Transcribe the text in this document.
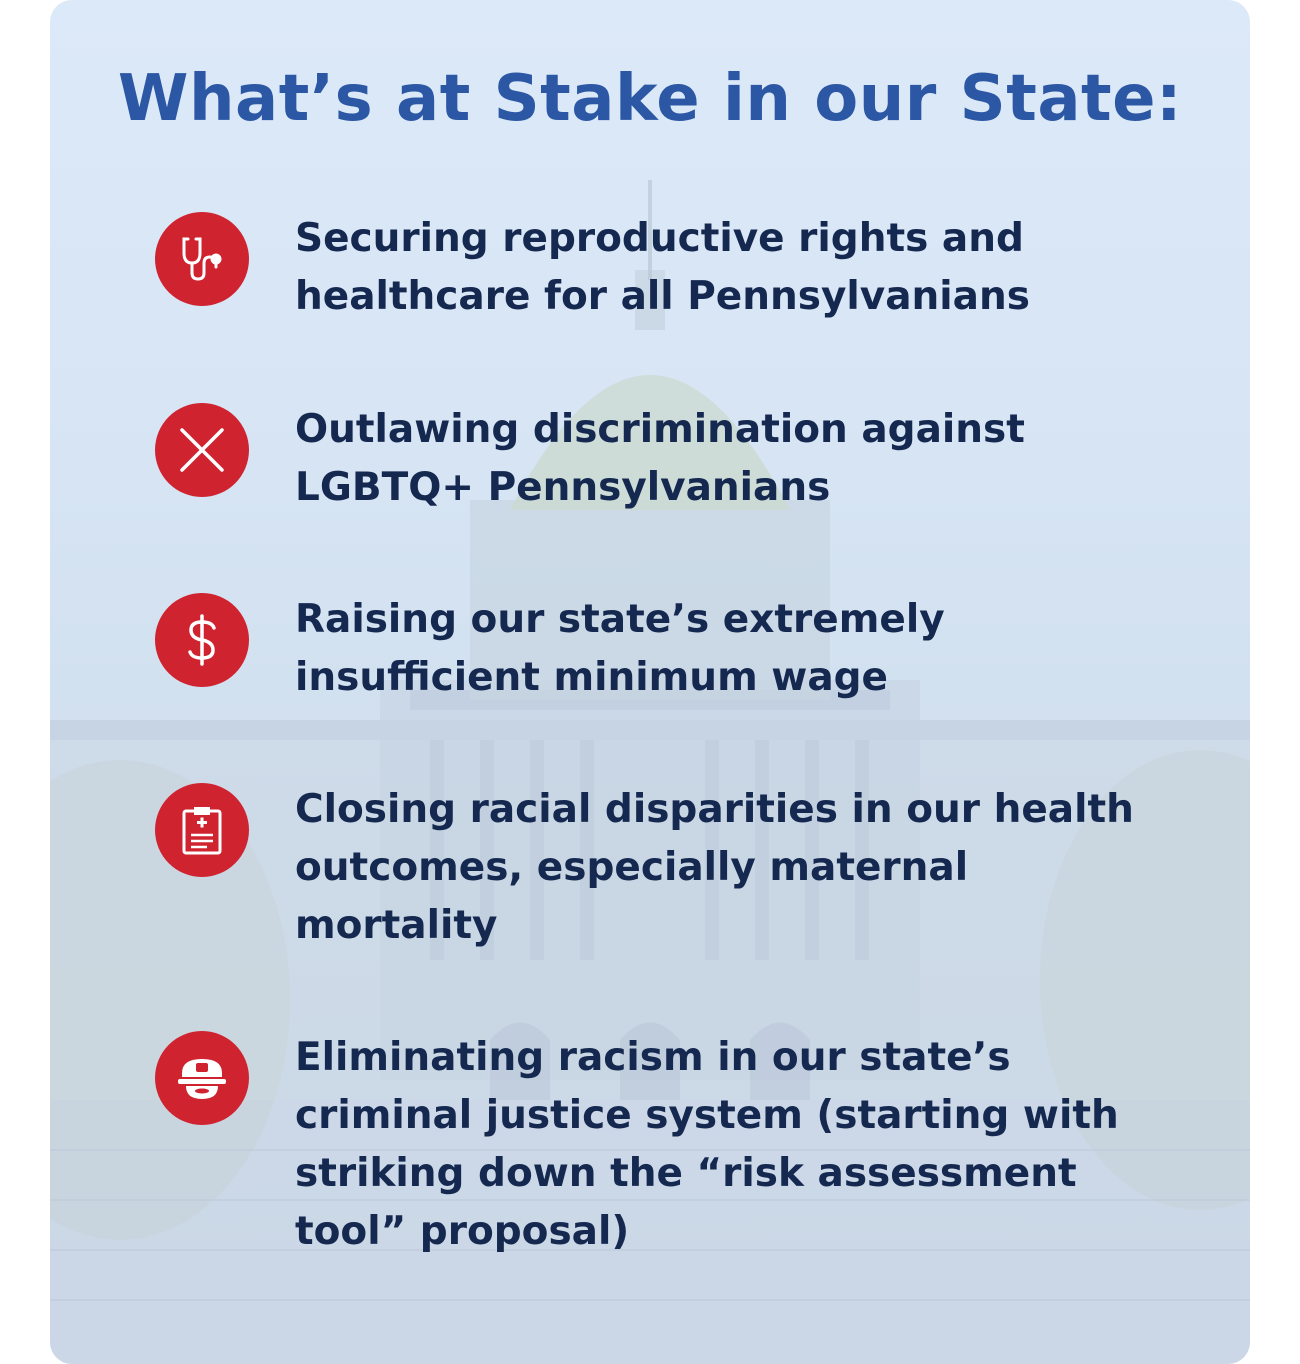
What’s at Stake in our State:
Securing reproductive rights and healthcare for all Pennsylvanians
Outlawing discrimination against LGBTQ+ Pennsylvanians
Raising our state’s extremely insufficient minimum wage
Closing racial disparities in our health outcomes, especially maternal mortality
Eliminating racism in our state’s criminal justice system (starting with striking down the “risk assessment tool” proposal)
